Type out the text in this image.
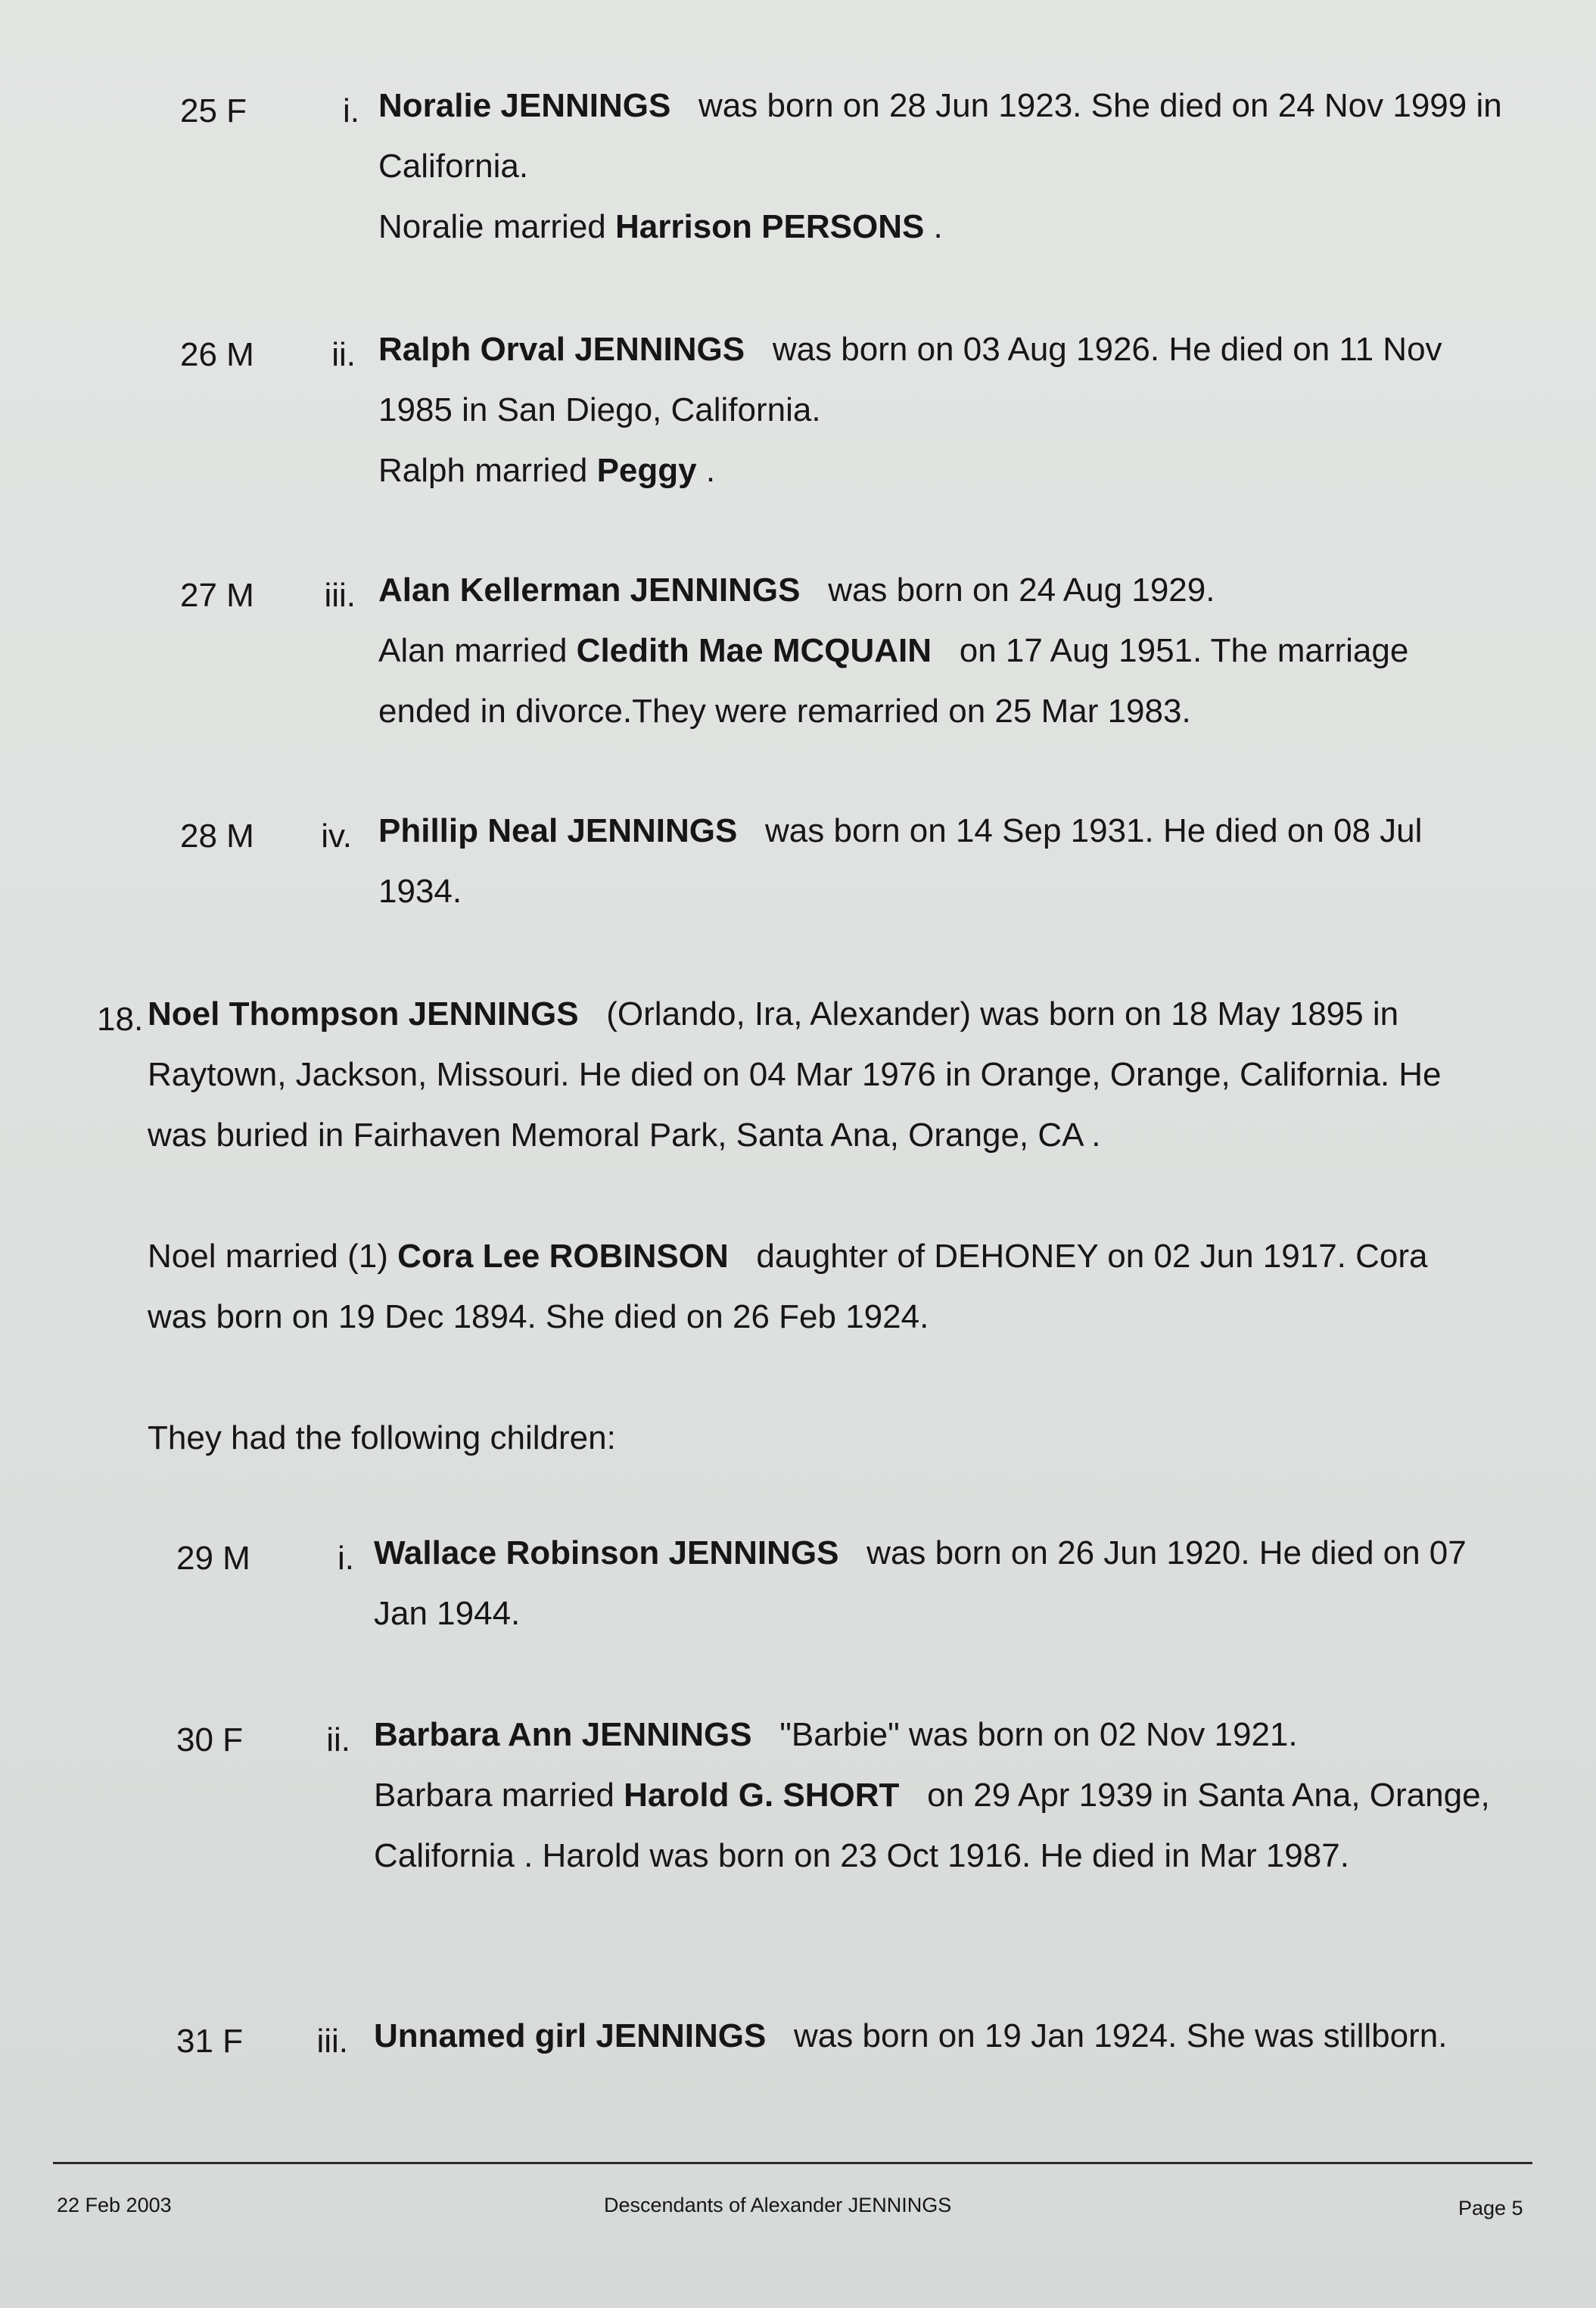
25 F	i. Noralie JENNINGS was born on 28 Jun 1923. She died on 24 Nov 1999 in

California.

Noralie married Harrison PERSONS .

26 M	ii. Ralph Orval JENNINGS was born on 03 Aug 1926. He died on 11 Nov

1985 in San Diego, California.

Ralph married Peggy .

27 M	iii. Alan Kellerman JENNINGS was born on 24 Aug 1929.

Alan married Cledith Mae MCQUAIN on 17 Aug 1951. The marriage

ended in divorce.They were remarried on 25 Mar 1983.

28 M	iv. Phillip Neal JENNINGS was born on 14 Sep 1931. He died on 08 Jul

1934.

18. Noel Thompson JENNINGS (Orlando, Ira, Alexander) was born on 18 May 1895 in

Raytown, Jackson, Missouri. He died on 04 Mar 1976 in Orange, Orange, California. He

was buried in Fairhaven Memoral Park, Santa Ana, Orange, CA .

Noel married (1) Cora Lee ROBINSON daughter of DEHONEY on 02 Jun 1917. Cora

was born on 19 Dec 1894. She died on 26 Feb 1924.

They had the following children:

29 M	i. Wallace Robinson JENNINGS was born on 26 Jun 1920. He died on 07

Jan 1944.

30 F	ii. Barbara Ann JENNINGS "Barbie" was born on 02 Nov 1921.

Barbara married Harold G. SHORT on 29 Apr 1939 in Santa Ana, Orange,

California . Harold was born on 23 Oct 1916. He died in Mar 1987.

31 F	iii. Unnamed girl JENNINGS was born on 19 Jan 1924. She was stillborn.

22 Feb 2003	Descendants of Alexander JENNINGS	Page 5
